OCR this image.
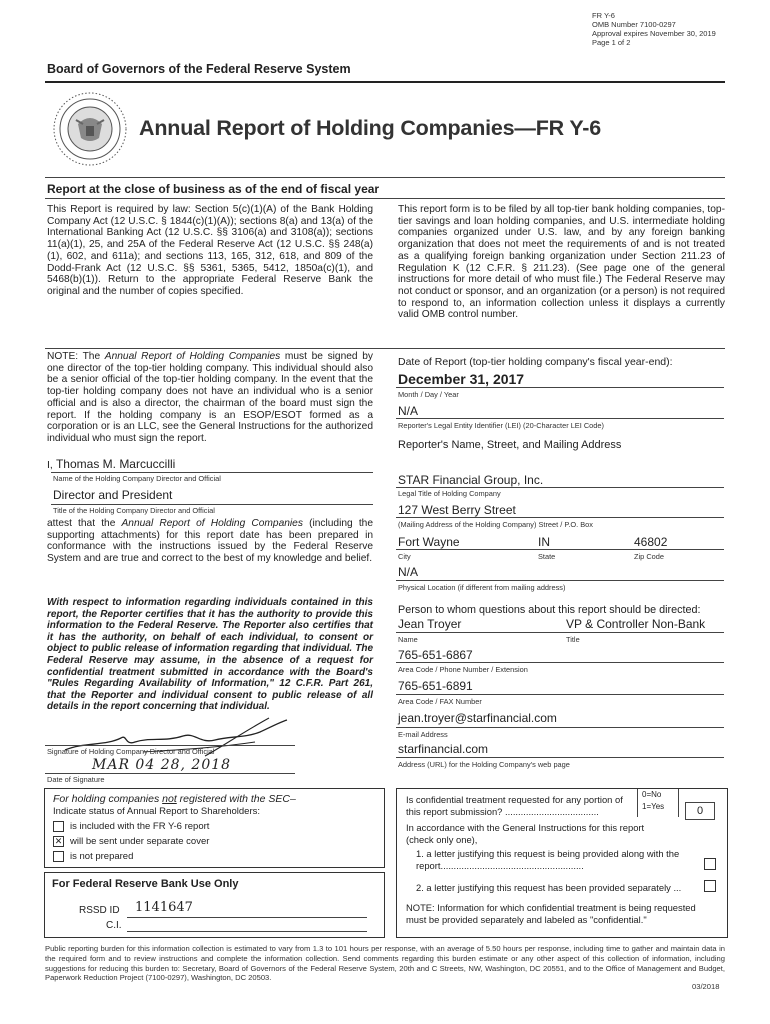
FR Y-6
OMB Number 7100-0297
Approval expires November 30, 2019
Page 1 of 2
Board of Governors of the Federal Reserve System
Annual Report of Holding Companies—FR Y-6
Report at the close of business as of the end of fiscal year
This Report is required by law: Section 5(c)(1)(A) of the Bank Holding Company Act (12 U.S.C. § 1844(c)(1)(A)); sections 8(a) and 13(a) of the International Banking Act (12 U.S.C. §§ 3106(a) and 3108(a)); sections 11(a)(1), 25, and 25A of the Federal Reserve Act (12 U.S.C. §§ 248(a)(1), 602, and 611a); and sections 113, 165, 312, 618, and 809 of the Dodd-Frank Act (12 U.S.C. §§ 5361, 5365, 5412, 1850a(c)(1), and 5468(b)(1)). Return to the appropriate Federal Reserve Bank the original and the number of copies specified.
This report form is to be filed by all top-tier bank holding companies, top-tier savings and loan holding companies, and U.S. intermediate holding companies organized under U.S. law, and by any foreign banking organization that does not meet the requirements of and is not treated as a qualifying foreign banking organization under Section 211.23 of Regulation K (12 C.F.R. § 211.23). (See page one of the general instructions for more detail of who must file.) The Federal Reserve may not conduct or sponsor, and an organization (or a person) is not required to respond to, an information collection unless it displays a currently valid OMB control number.
NOTE: The Annual Report of Holding Companies must be signed by one director of the top-tier holding company. This individual should also be a senior official of the top-tier holding company. In the event that the top-tier holding company does not have an individual who is a senior official and is also a director, the chairman of the board must sign the report. If the holding company is an ESOP/ESOT formed as a corporation or is an LLC, see the General Instructions for the authorized individual who must sign the report.
I, Thomas M. Marcuccilli
Name of the Holding Company Director and Official
Director and President
Title of the Holding Company Director and Official
attest that the Annual Report of Holding Companies (including the supporting attachments) for this report date has been prepared in conformance with the instructions issued by the Federal Reserve System and are true and correct to the best of my knowledge and belief.
With respect to information regarding individuals contained in this report, the Reporter certifies that it has the authority to provide this information to the Federal Reserve. The Reporter also certifies that it has the authority, on behalf of each individual, to consent or object to public release of information regarding that individual. The Federal Reserve may assume, in the absence of a request for confidential treatment submitted in accordance with the Board's "Rules Regarding Availability of Information," 12 C.F.R. Part 261, that the Reporter and individual consent to public release of all details in the report concerning that individual.
Signature of Holding Company Director and Official
MAR 04 28, 2018
Date of Signature
For holding companies not registered with the SEC–
Indicate status of Annual Report to Shareholders:
is included with the FR Y-6 report
✕ will be sent under separate cover
is not prepared
For Federal Reserve Bank Use Only
RSSD ID 1141647
C.I.
Date of Report (top-tier holding company's fiscal year-end):
December 31, 2017
Month / Day / Year
N/A
Reporter's Legal Entity Identifier (LEI) (20-Character LEI Code)
Reporter's Name, Street, and Mailing Address
STAR Financial Group, Inc.
Legal Title of Holding Company
127 West Berry Street
(Mailing Address of the Holding Company) Street / P.O. Box
Fort Wayne	IN	46802
City	State	Zip Code
N/A
Physical Location (if different from mailing address)
Person to whom questions about this report should be directed:
Jean Troyer	VP & Controller Non-Bank
Name	Title
765-651-6867
Area Code / Phone Number / Extension
765-651-6891
Area Code / FAX Number
jean.troyer@starfinancial.com
E-mail Address
starfinancial.com
Address (URL) for the Holding Company's web page
Is confidential treatment requested for any portion of this report submission? ....................................
0=No
1=Yes	0
In accordance with the General Instructions for this report (check only one),
1. a letter justifying this request is being provided along with the report.......................................................
2. a letter justifying this request has been provided separately ...
NOTE: Information for which confidential treatment is being requested must be provided separately and labeled as "confidential."
Public reporting burden for this information collection is estimated to vary from 1.3 to 101 hours per response, with an average of 5.50 hours per response, including time to gather and maintain data in the required form and to review instructions and complete the information collection. Send comments regarding this burden estimate or any other aspect of this collection of information, including suggestions for reducing this burden to: Secretary, Board of Governors of the Federal Reserve System, 20th and C Streets, NW, Washington, DC 20551, and to the Office of Management and Budget, Paperwork Reduction Project (7100-0297), Washington, DC 20503.
03/2018
